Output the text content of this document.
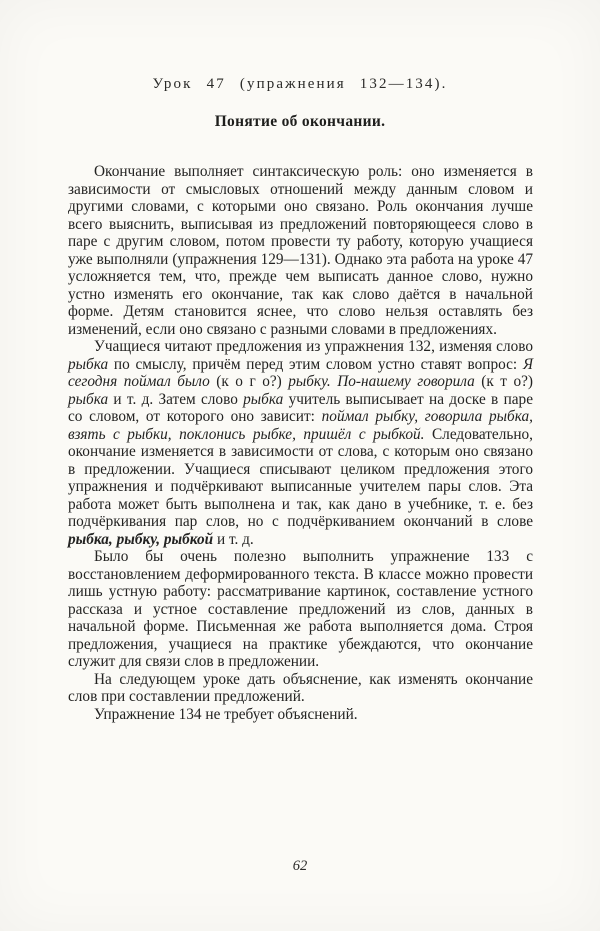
Урок 47 (упражнения 132—134).
Понятие об окончании.

Окончание выполняет синтаксическую роль: оно изменяется в зависимости от смысловых отношений между данным словом и другими словами, с которыми оно связано. Роль окончания лучше всего выяснить, выписывая из предложений повторяющееся слово в паре с другим словом, потом провести ту работу, которую учащиеся уже выполняли (упражнения 129—131). Однако эта работа на уроке 47 усложняется тем, что, прежде чем выписать данное слово, нужно устно изменять его окончание, так как слово даётся в начальной форме. Детям становится яснее, что слово нельзя оставлять без изменений, если оно связано с разными словами в предложениях.

Учащиеся читают предложения из упражнения 132, изменяя слово рыбка по смыслу, причём перед этим словом устно ставят вопрос: Я сегодня поймал было (к о г о?) рыбку. По-нашему говорила (к т о?) рыбка и т. д. Затем слово рыбка учитель выписывает на доске в паре со словом, от которого оно зависит: поймал рыбку, говорила рыбка, взять с рыбки, поклонись рыбке, пришёл с рыбкой. Следовательно, окончание изменяется в зависимости от слова, с которым оно связано в предложении. Учащиеся списывают целиком предложения этого упражнения и подчёркивают выписанные учителем пары слов. Эта работа может быть выполнена и так, как дано в учебнике, т. е. без подчёркивания пар слов, но с подчёркиванием окончаний в слове рыбка, рыбку, рыбкой и т. д.

Было бы очень полезно выполнить упражнение 133 с восстановлением деформированного текста. В классе можно провести лишь устную работу: рассматривание картинок, составление устного рассказа и устное составление предложений из слов, данных в начальной форме. Письменная же работа выполняется дома. Строя предложения, учащиеся на практике убеждаются, что окончание служит для связи слов в предложении.

На следующем уроке дать объяснение, как изменять окончание слов при составлении предложений.

Упражнение 134 не требует объяснений.

62
